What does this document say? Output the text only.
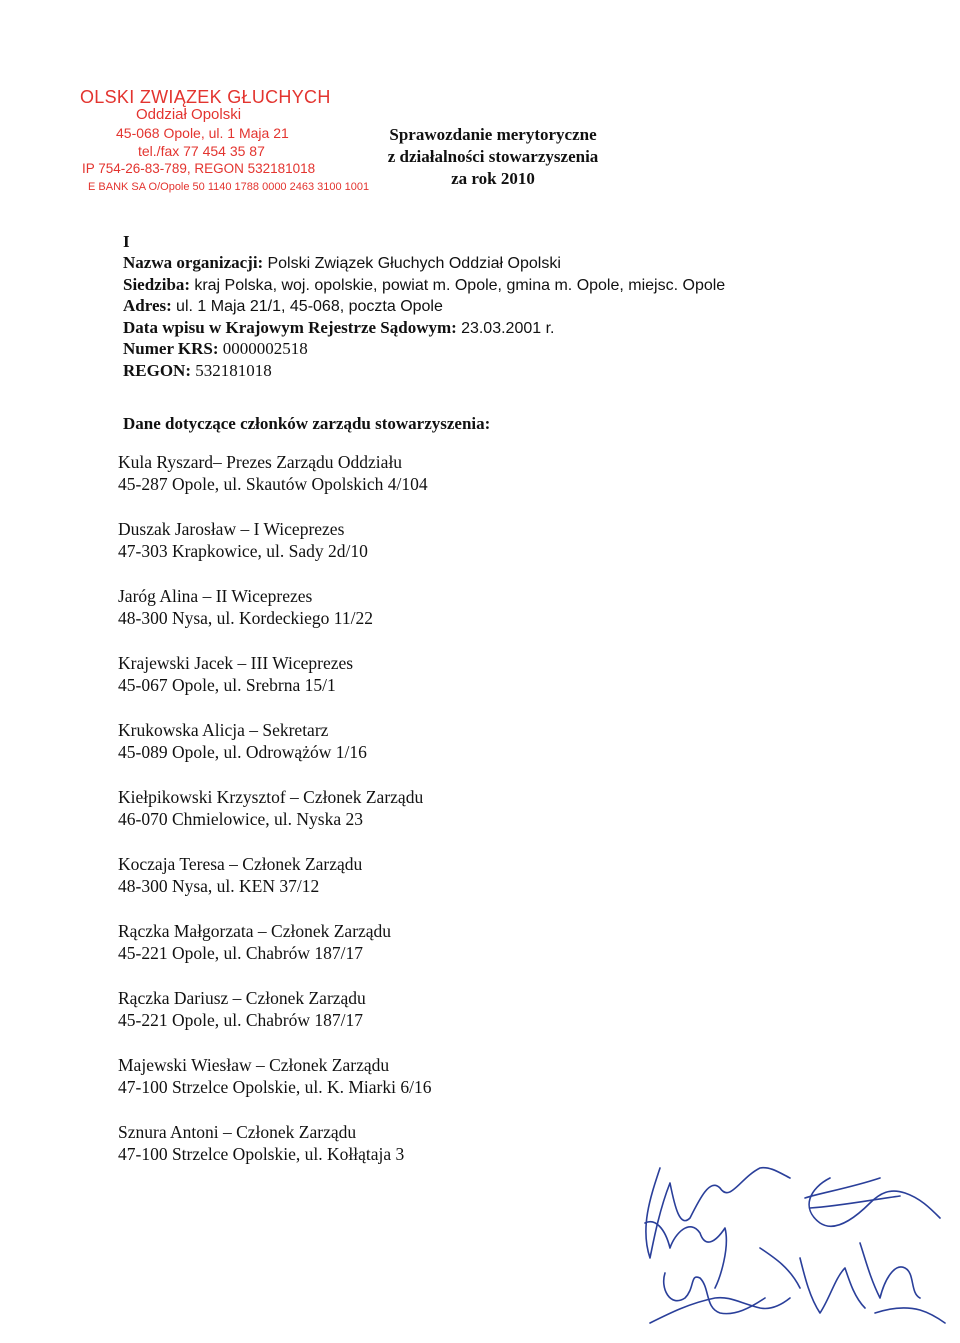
OLSKI ZWIĄZEK GŁUCHYCH
Oddział Opolski
45-068 Opole, ul. 1 Maja 21
tel./fax 77 454 35 87
IP 754-26-83-789, REGON 532181018
E BANK SA O/Opole 50 1140 1788 0000 2463 3100 1001
Sprawozdanie merytoryczne
z działalności stowarzyszenia
za rok 2010
I
Nazwa organizacji: Polski Związek Głuchych Oddział Opolski
Siedziba: kraj Polska, woj. opolskie, powiat m. Opole, gmina m. Opole, miejsc. Opole
Adres: ul. 1 Maja 21/1, 45-068, poczta Opole
Data wpisu w Krajowym Rejestrze Sądowym: 23.03.2001 r.
Numer KRS: 0000002518
REGON: 532181018
Dane dotyczące członków zarządu stowarzyszenia:
Kula Ryszard– Prezes Zarządu Oddziału
45-287 Opole, ul. Skautów Opolskich 4/104
Duszak Jarosław – I Wiceprezes
47-303 Krapkowice, ul. Sady 2d/10
Jaróg Alina – II Wiceprezes
48-300 Nysa, ul. Kordeckiego 11/22
Krajewski Jacek – III Wiceprezes
45-067 Opole, ul. Srebrna 15/1
Krukowska Alicja – Sekretarz
45-089 Opole, ul. Odrowążów 1/16
Kiełpikowski Krzysztof – Członek Zarządu
46-070 Chmielowice, ul. Nyska 23
Koczaja Teresa – Członek Zarządu
48-300 Nysa, ul. KEN 37/12
Rączka Małgorzata – Członek Zarządu
45-221 Opole, ul. Chabrów 187/17
Rączka Dariusz – Członek Zarządu
45-221 Opole, ul. Chabrów 187/17
Majewski Wiesław – Członek Zarządu
47-100 Strzelce Opolskie, ul. K. Miarki 6/16
Sznura Antoni – Członek Zarządu
47-100 Strzelce Opolskie, ul. Kołłątaja 3
